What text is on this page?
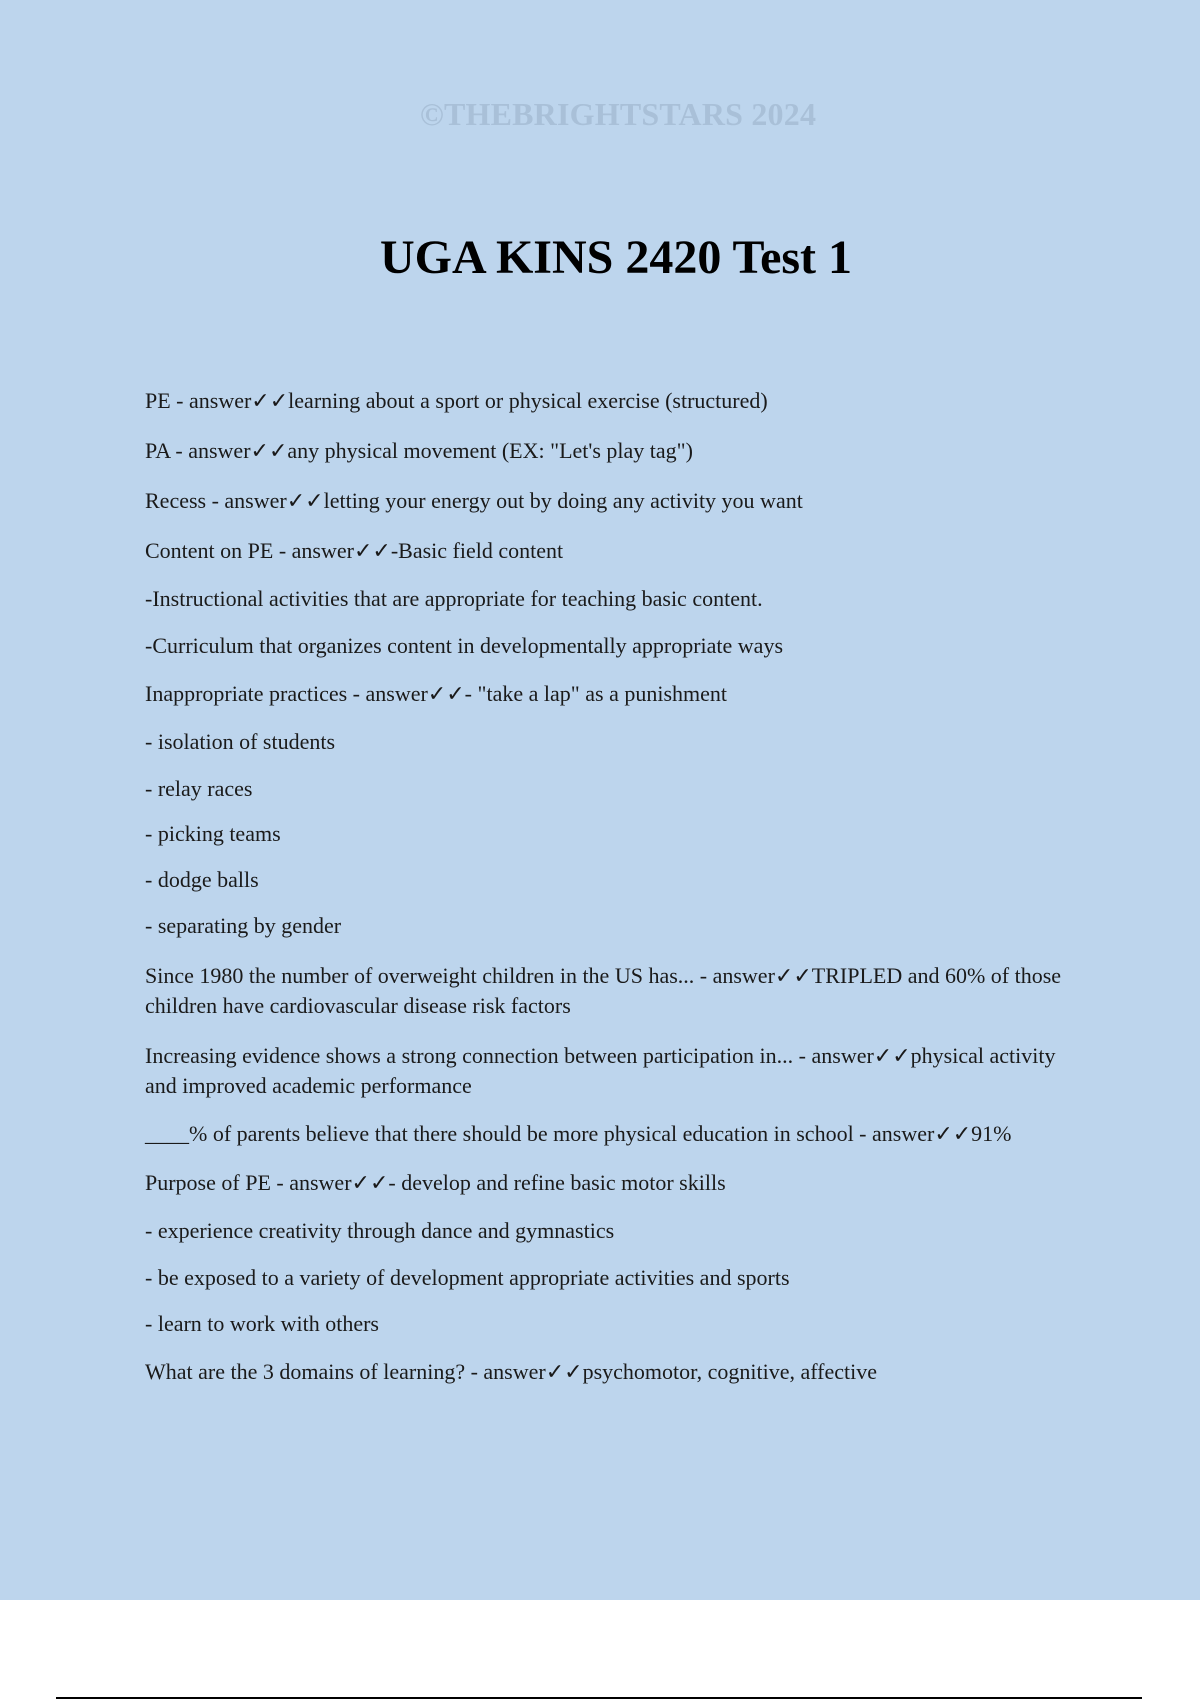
©THEBRIGHTSTARS 2024
UGA KINS 2420 Test 1
PE - answer✓✓learning about a sport or physical exercise (structured)
PA - answer✓✓any physical movement (EX: "Let's play tag")
Recess - answer✓✓letting your energy out by doing any activity you want
Content on PE - answer✓✓-Basic field content
-Instructional activities that are appropriate for teaching basic content.
-Curriculum that organizes content in developmentally appropriate ways
Inappropriate practices - answer✓✓- "take a lap" as a punishment
- isolation of students
- relay races
- picking teams
- dodge balls
- separating by gender
Since 1980 the number of overweight children in the US has... - answer✓✓TRIPLED and 60% of those children have cardiovascular disease risk factors
Increasing evidence shows a strong connection between participation in... - answer✓✓physical activity and improved academic performance
____% of parents believe that there should be more physical education in school - answer✓✓91%
Purpose of PE - answer✓✓- develop and refine basic motor skills
- experience creativity through dance and gymnastics
- be exposed to a variety of development appropriate activities and sports
- learn to work with others
What are the 3 domains of learning? - answer✓✓psychomotor, cognitive, affective
